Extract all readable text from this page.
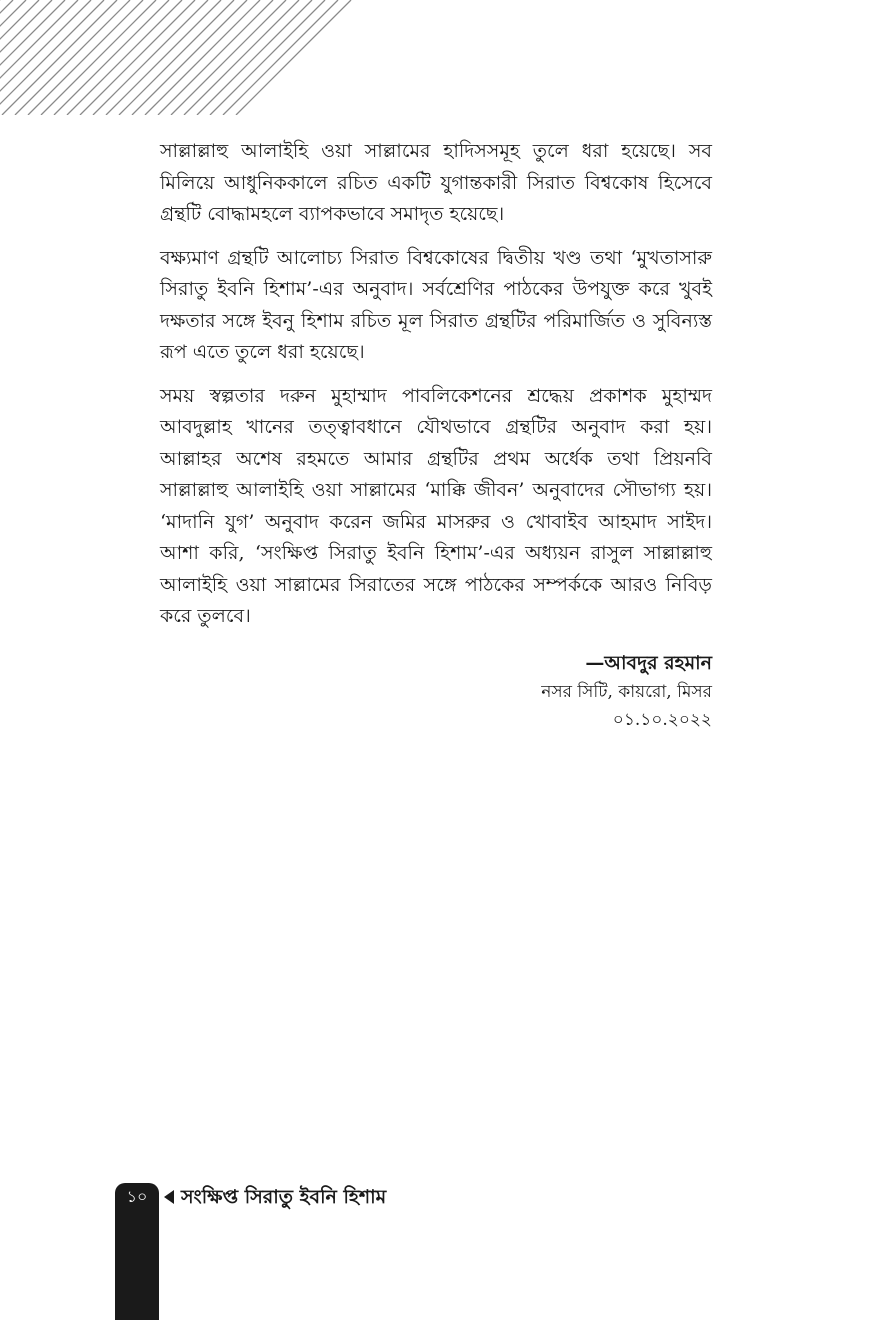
সাল্লাল্লাহু আলাইহি ওয়া সাল্লামের হাদিসসমূহ তুলে ধরা হয়েছে। সব মিলিয়ে আধুনিককালে রচিত একটি যুগান্তকারী সিরাত বিশ্বকোষ হিসেবে গ্রন্থটি বোদ্ধামহলে ব্যাপকভাবে সমাদৃত হয়েছে।

বক্ষ্যমাণ গ্রন্থটি আলোচ্য সিরাত বিশ্বকোষের দ্বিতীয় খণ্ড তথা ‘মুখতাসারু সিরাতু ইবনি হিশাম’-এর অনুবাদ। সর্বশ্রেণির পাঠকের উপযুক্ত করে খুবই দক্ষতার সঙ্গে ইবনু হিশাম রচিত মূল সিরাত গ্রন্থটির পরিমার্জিত ও সুবিন্যস্ত রূপ এতে তুলে ধরা হয়েছে।

সময় স্বল্পতার দরুন মুহাম্মাদ পাবলিকেশনের শ্রদ্ধেয় প্রকাশক মুহাম্মদ আবদুল্লাহ খানের তত্ত্বাবধানে যৌথভাবে গ্রন্থটির অনুবাদ করা হয়। আল্লাহর অশেষ রহমতে আমার গ্রন্থটির প্রথম অর্ধেক তথা প্রিয়নবি সাল্লাল্লাহু আলাইহি ওয়া সাল্লামের ‘মাক্কি জীবন’ অনুবাদের সৌভাগ্য হয়। ‘মাদানি যুগ’ অনুবাদ করেন জমির মাসরুর ও খোবাইব আহমাদ সাইদ। আশা করি, ‘সংক্ষিপ্ত সিরাতু ইবনি হিশাম’-এর অধ্যয়ন রাসুল সাল্লাল্লাহু আলাইহি ওয়া সাল্লামের সিরাতের সঙ্গে পাঠকের সম্পর্ককে আরও নিবিড় করে তুলবে।

—আবদুর রহমান
নসর সিটি, কায়রো, মিসর
০১.১০.২০২২
১০	সংক্ষিপ্ত সিরাতু ইবনি হিশাম
